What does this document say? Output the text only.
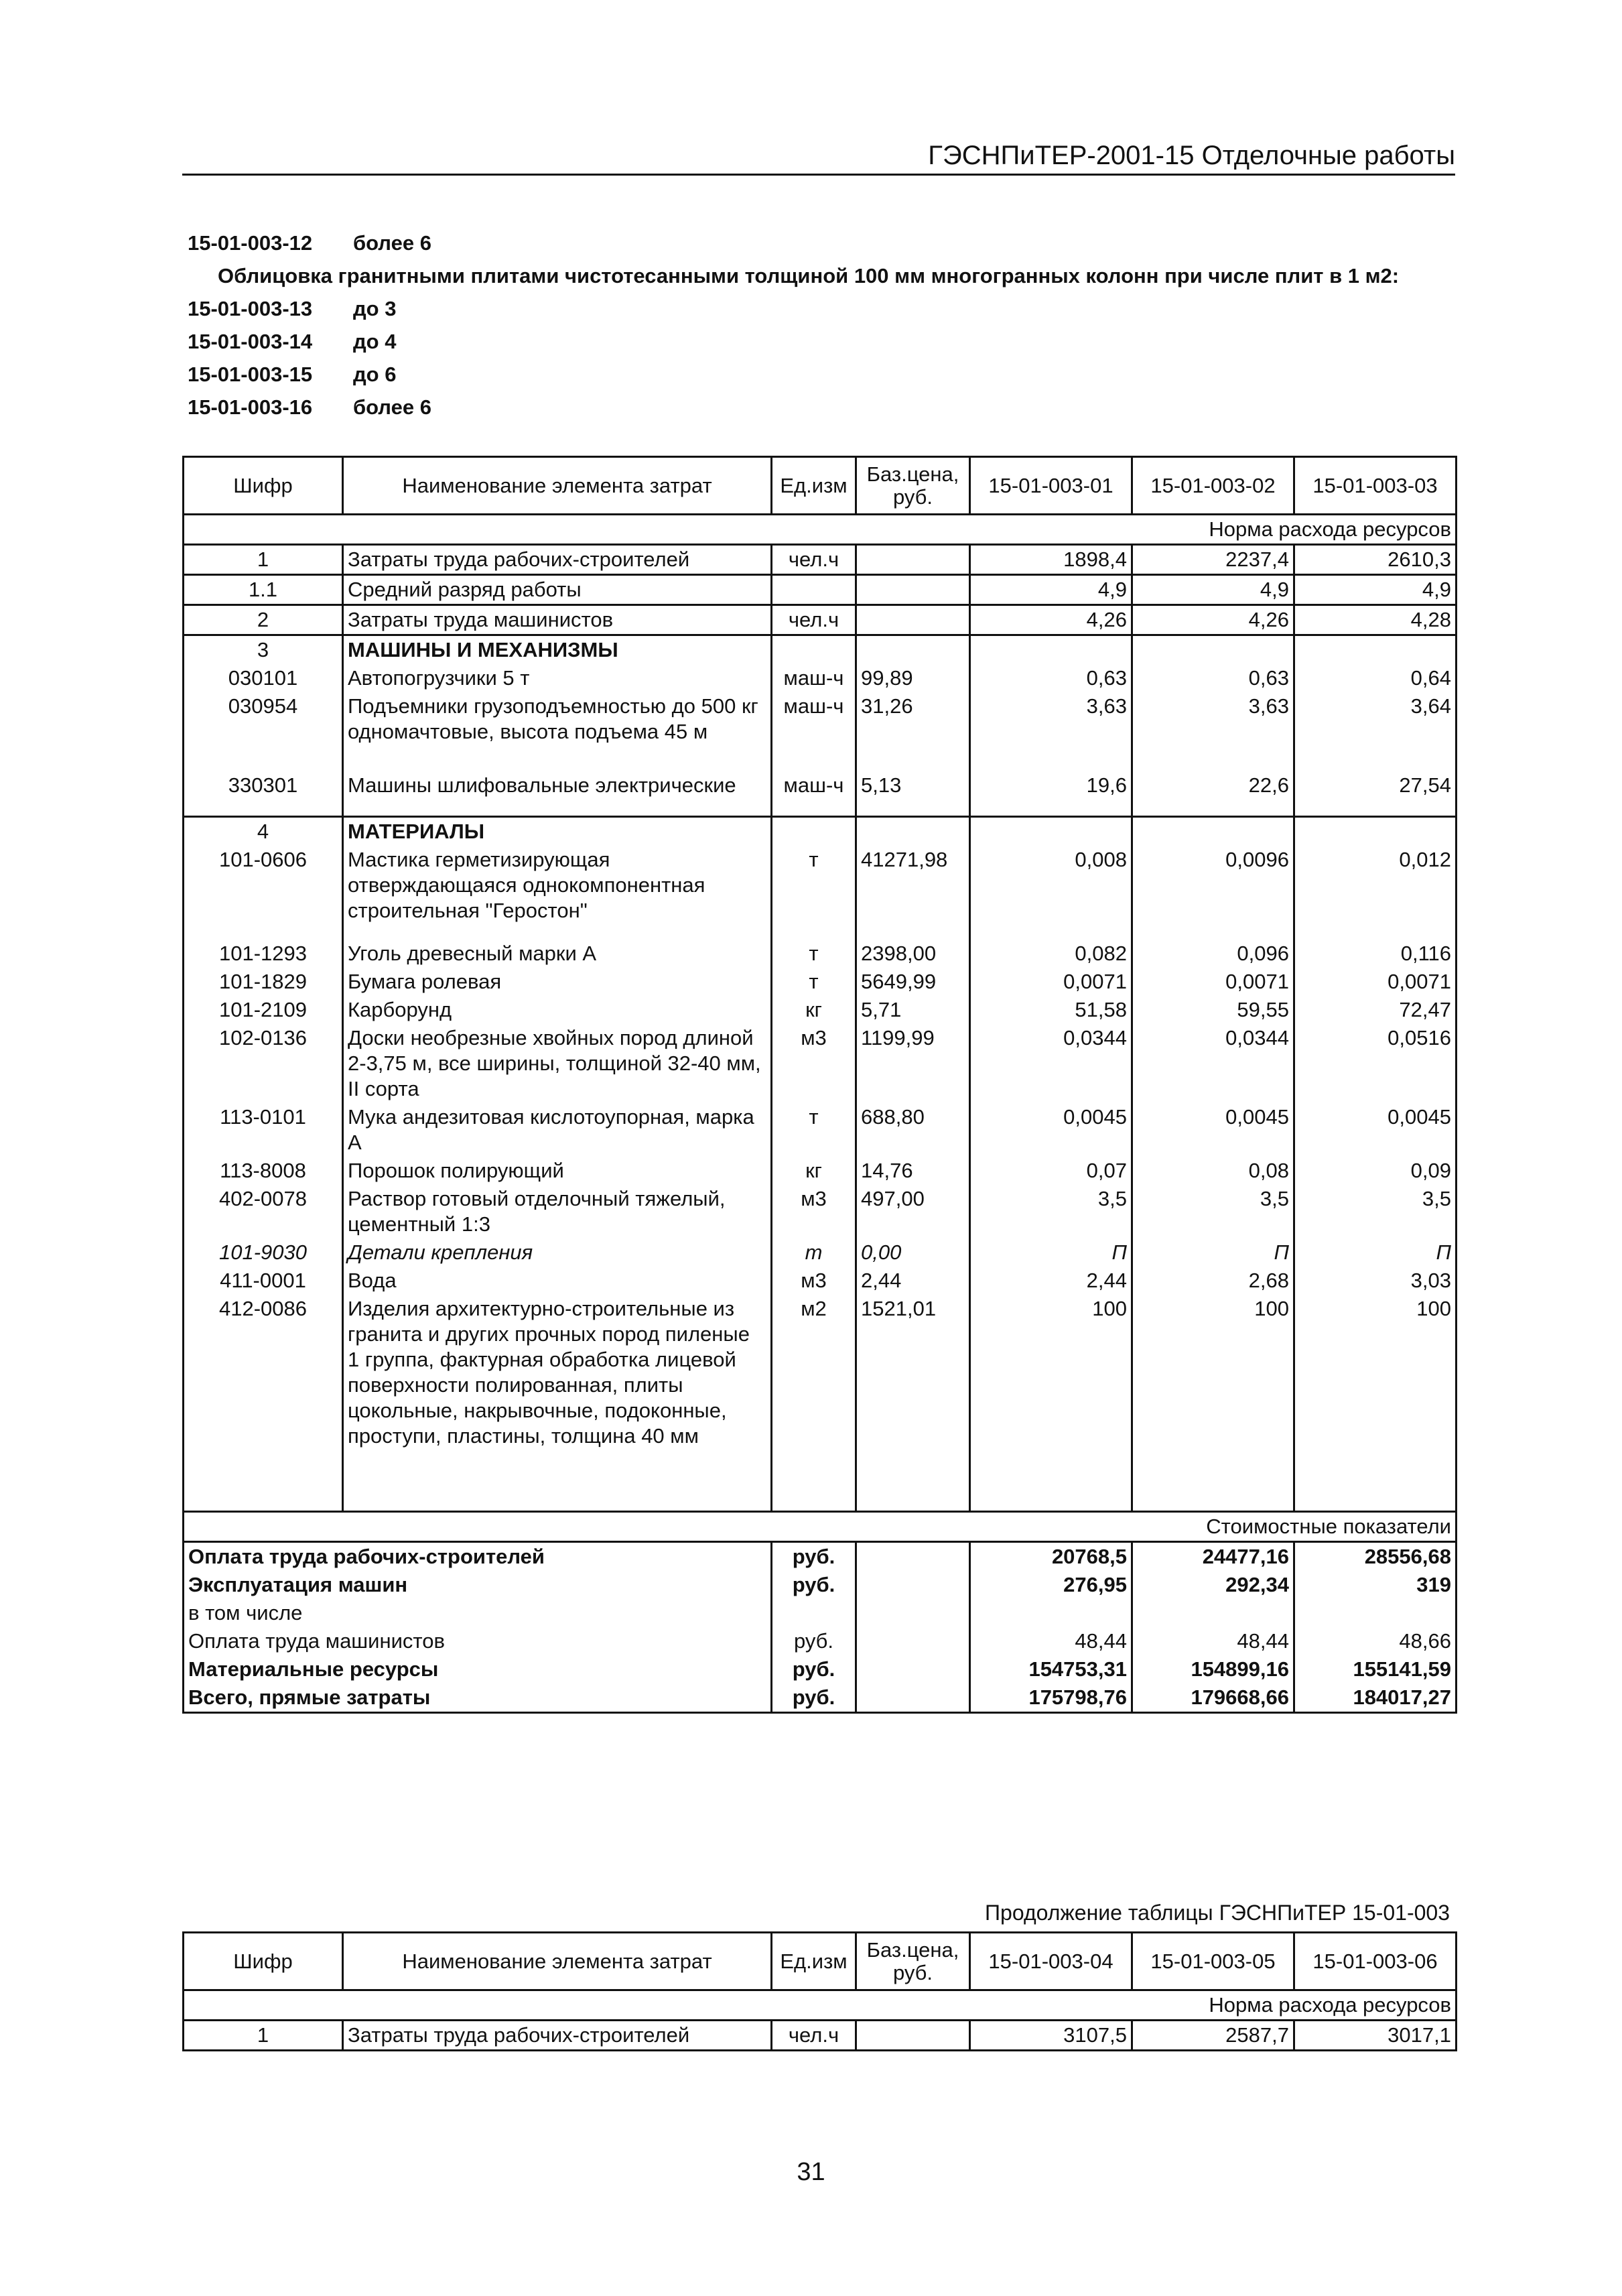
ГЭСНПиТЕР-2001-15 Отделочные работы
15-01-003-12 более 6
Облицовка гранитными плитами чистотесанными толщиной 100 мм многогранных колонн при числе плит в 1 м2:
15-01-003-13 до 3
15-01-003-14 до 4
15-01-003-15 до 6
15-01-003-16 более 6
Шифр	Наименование элемента затрат	Ед.изм	Баз.цена, руб.	15-01-003-01	15-01-003-02	15-01-003-03
Норма расхода ресурсов						
1	Затраты труда рабочих-строителей	чел.ч		1898,4	2237,4	2610,3
1.1	Средний разряд работы			4,9	4,9	4,9
2	Затраты труда машинистов	чел.ч		4,26	4,26	4,28
3	МАШИНЫ И МЕХАНИЗМЫ					
030101	Автопогрузчики 5 т	маш-ч	99,89	0,63	0,63	0,64
030954	Подъемники грузоподъемностью до 500 кг одномачтовые, высота подъема 45 м	маш-ч	31,26	3,63	3,63	3,64
330301	Машины шлифовальные электрические	маш-ч	5,13	19,6	22,6	27,54
4	МАТЕРИАЛЫ					
101-0606	Мастика герметизирующая отверждающаяся однокомпонентная строительная "Геростон"	т	41271,98	0,008	0,0096	0,012
101-1293	Уголь древесный марки А	т	2398,00	0,082	0,096	0,116
101-1829	Бумага ролевая	т	5649,99	0,0071	0,0071	0,0071
101-2109	Карборунд	кг	5,71	51,58	59,55	72,47
102-0136	Доски необрезные хвойных пород длиной 2-3,75 м, все ширины, толщиной 32-40 мм, II сорта	м3	1199,99	0,0344	0,0344	0,0516
113-0101	Мука андезитовая кислотоупорная, марка А	т	688,80	0,0045	0,0045	0,0045
113-8008	Порошок полирующий	кг	14,76	0,07	0,08	0,09
402-0078	Раствор готовый отделочный тяжелый, цементный 1:3	м3	497,00	3,5	3,5	3,5
101-9030	Детали крепления	т	0,00	П	П	П
411-0001	Вода	м3	2,44	2,44	2,68	3,03
412-0086	Изделия архитектурно-строительные из гранита и других прочных пород пиленые 1 группа, фактурная обработка лицевой поверхности полированная, плиты цокольные, накрывочные, подоконные, проступи, пластины, толщина 40 мм	м2	1521,01	100	100	100
Стоимостные показатели						
Оплата труда рабочих-строителей		руб.		20768,5	24477,16	28556,68
Эксплуатация машин		руб.		276,95	292,34	319
в том числе						
Оплата труда машинистов		руб.		48,44	48,44	48,66
Материальные ресурсы		руб.		154753,31	154899,16	155141,59
Всего, прямые затраты		руб.		175798,76	179668,66	184017,27
Продолжение таблицы ГЭСНПиТЕР 15-01-003
Шифр	Наименование элемента затрат	Ед.изм	Баз.цена, руб.	15-01-003-04	15-01-003-05	15-01-003-06
Норма расхода ресурсов						
1	Затраты труда рабочих-строителей	чел.ч		3107,5	2587,7	3017,1
31
